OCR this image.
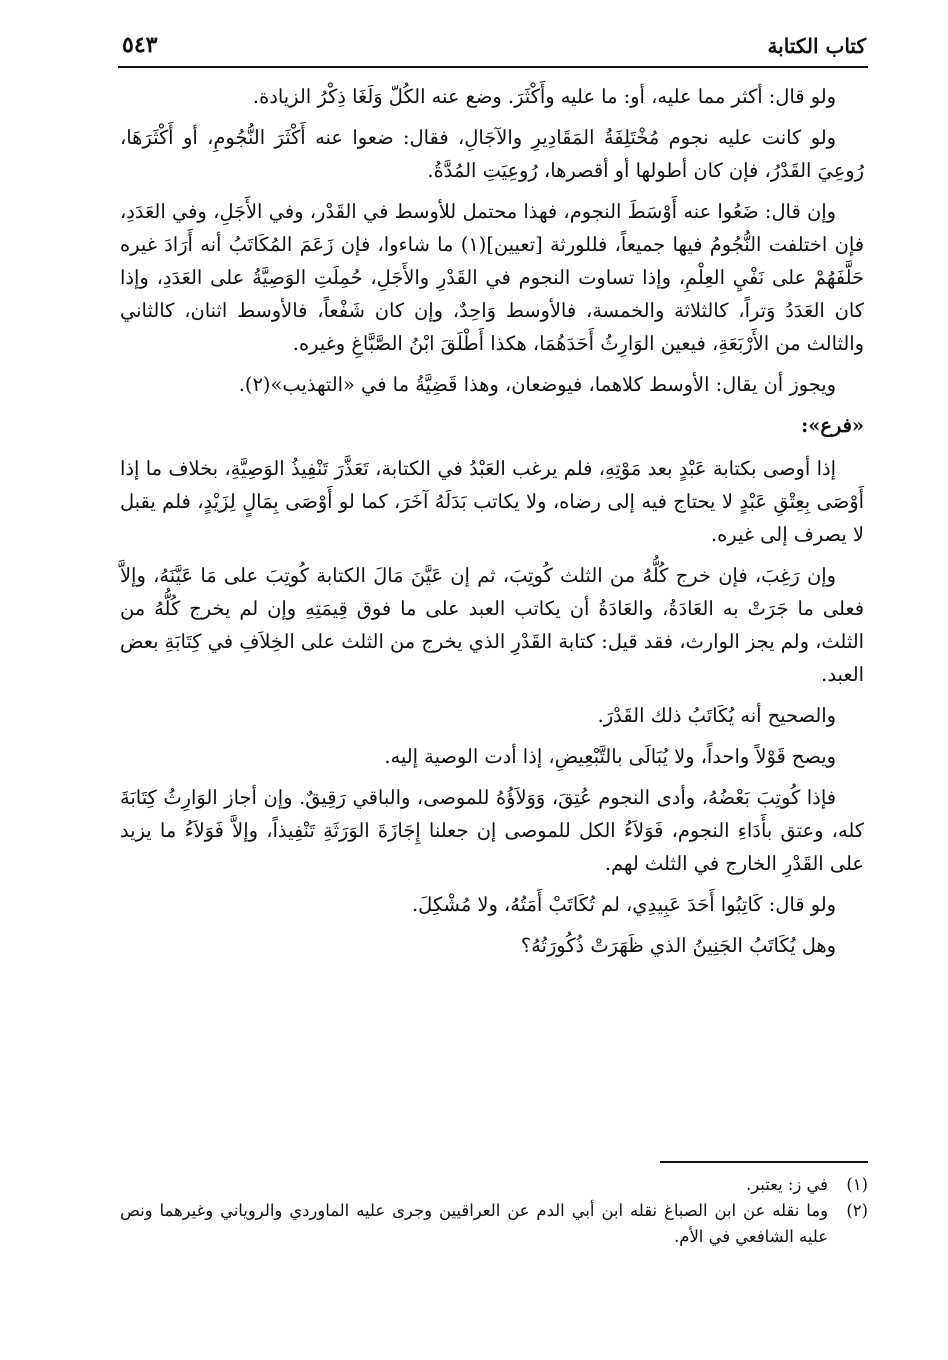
كتاب الكتابة
٥٤٣

ولو قال: أكثر مما عليه، أو: ما عليه وأَكْثَرَ. وضع عنه الكُلّ وَلَغَا ذِكْرُ الزيادة.

ولو كانت عليه نجوم مُخْتَلِفَةُ المَقَادِيرِ والآجَالِ، فقال: ضعوا عنه أَكْثَرَ النُّجُومِ، أو أَكْثَرَهَا، رُوعِيَ القَدْرُ، فإن كان أطولها أو أقصرها، رُوعِيَتِ المُدَّةُ.

وإن قال: ضَعُوا عنه أَوْسَطَ النجوم، فهذا محتمل للأوسط في القَدْر، وفي الأَجَلِ، وفي العَدَدِ، فإن اختلفت النُّجُومُ فيها جميعاً، فللورثة [تعيين](١) ما شاءوا، فإن زَعَمَ المُكَاتَبُ أنه أَرَادَ غيره حَلَّفَهُمْ على نَفْيِ العِلْمِ، وإذا تساوت النجوم في القَدْرِ والأَجَلِ، حُمِلَتِ الوَصِيَّةُ على العَدَدِ، وإذا كان العَدَدُ وَتراً، كالثلاثة والخمسة، فالأوسط وَاحِدٌ، وإن كان شَفْعاً، فالأوسط اثنان، كالثاني والثالث من الأَرْبَعَةِ، فيعين الوَارِثُ أَحَدَهُمَا، هكذا أَطْلَقَ ابْنُ الصَّبَّاغِ وغيره.

ويجوز أن يقال: الأوسط كلاهما، فيوضعان، وهذا قَضِيَّةُ ما في «التهذيب»(٢).

«فرع»:

إذا أوصى بكتابة عَبْدٍ بعد مَوْتِهِ، فلم يرغب العَبْدُ في الكتابة، تَعَذَّرَ تَنْفِيذُ الوَصِيَّةِ، بخلاف ما إذا أَوْصَى بِعِتْقِ عَبْدٍ لا يحتاج فيه إلى رضاه، ولا يكاتب بَدَلَهُ آخَرَ، كما لو أَوْصَى بِمَالٍ لِزَيْدٍ، فلم يقبل لا يصرف إلى غيره.

وإن رَغِبَ، فإن خرج كُلُّهُ من الثلث كُوتِبَ، ثم إن عَيَّنَ مَالَ الكتابة كُوتِبَ على مَا عَيَّنَهُ، وإلاَّ فعلى ما جَرَتْ به العَادَةُ، والعَادَةُ أن يكاتب العبد على ما فوق قِيمَتِهِ وإن لم يخرج كُلُّهُ من الثلث، ولم يجز الوارث، فقد قيل: كتابة القَدْرِ الذي يخرج من الثلث على الخِلاَفِ في كِتَابَةِ بعض العبد.

والصحيح أنه يُكَاتَبُ ذلك القَدْرَ.

ويصح قَوْلاً واحداً، ولا يُبَالَى بالتَّبْعِيضِ، إذا أدت الوصية إليه.

فإذا كُوتِبَ بَعْضُهُ، وأدى النجوم عُتِقَ، وَوَلاَؤُهُ للموصى، والباقي رَقِيقٌ. وإن أجاز الوَارِثُ كِتَابَةَ كله، وعتق بأَدَاءِ النجوم، فَوَلاَءُ الكل للموصى إن جعلنا إِجَازَةَ الوَرَثَةِ تَنْفِيذاً، وإلاَّ فَوَلاَءُ ما يزيد على القَدْرِ الخارج في الثلث لهم.

ولو قال: كَاتِبُوا أَحَدَ عَبِيدِي، لم تُكَاتَبْ أَمَتُهُ، ولا مُشْكِلَ.

وهل يُكَاتَبُ الجَنِينُ الذي ظَهَرَتْ ذُكُورَتُهُ؟

(١)
في ز: يعتبر.
(٢)
وما نقله عن ابن الصباغ نقله ابن أبي الدم عن العراقيين وجرى عليه الماوردي والروياني وغيرهما ونص عليه الشافعي في الأم.
